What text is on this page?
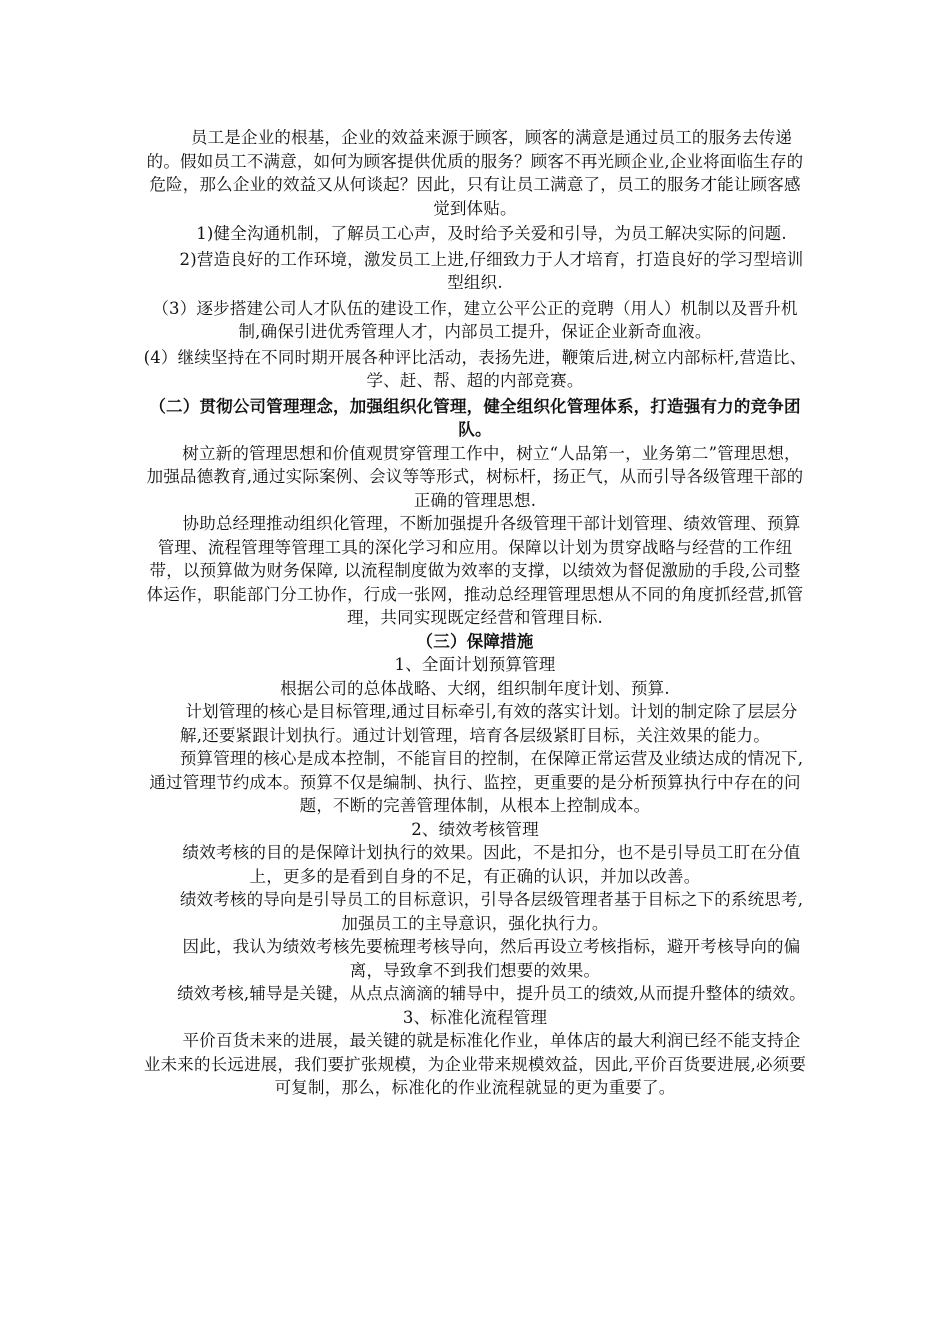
员工是企业的根基，企业的效益来源于顾客，顾客的满意是通过员工的服务去传递的。假如员工不满意，如何为顾客提供优质的服务？顾客不再光顾企业,企业将面临生存的危险，那么企业的效益又从何谈起？因此，只有让员工满意了，员工的服务才能让顾客感觉到体贴。

1)健全沟通机制，了解员工心声，及时给予关爱和引导，为员工解决实际的问题.

2)营造良好的工作环境，激发员工上进,仔细致力于人才培育，打造良好的学习型培训型组织.

（3）逐步搭建公司人才队伍的建设工作，建立公平公正的竞聘（用人）机制以及晋升机制,确保引进优秀管理人才，内部员工提升，保证企业新奇血液。

(4）继续坚持在不同时期开展各种评比活动，表扬先进，鞭策后进,树立内部标杆,营造比、学、赶、帮、超的内部竞赛。

（二）贯彻公司管理理念，加强组织化管理，健全组织化管理体系，打造强有力的竞争团队。

树立新的管理思想和价值观贯穿管理工作中，树立“人品第一，业务第二”管理思想，加强品德教育,通过实际案例、会议等等形式，树标杆，扬正气，从而引导各级管理干部的正确的管理思想.

协助总经理推动组织化管理，不断加强提升各级管理干部计划管理、绩效管理、预算管理、流程管理等管理工具的深化学习和应用。保障以计划为贯穿战略与经营的工作纽带，以预算做为财务保障, 以流程制度做为效率的支撑，以绩效为督促激励的手段,公司整体运作，职能部门分工协作，行成一张网，推动总经理管理思想从不同的角度抓经营,抓管理，共同实现既定经营和管理目标.

（三）保障措施

1、全面计划预算管理

根据公司的总体战略、大纲，组织制年度计划、预算.

计划管理的核心是目标管理,通过目标牵引,有效的落实计划。计划的制定除了层层分解,还要紧跟计划执行。通过计划管理，培育各层级紧盯目标，关注效果的能力。

预算管理的核心是成本控制，不能盲目的控制，在保障正常运营及业绩达成的情况下,通过管理节约成本。预算不仅是编制、执行、监控，更重要的是分析预算执行中存在的问题，不断的完善管理体制，从根本上控制成本。

2、绩效考核管理

绩效考核的目的是保障计划执行的效果。因此，不是扣分，也不是引导员工盯在分值上，更多的是看到自身的不足，有正确的认识，并加以改善。

绩效考核的导向是引导员工的目标意识，引导各层级管理者基于目标之下的系统思考,加强员工的主导意识，强化执行力。

因此，我认为绩效考核先要梳理考核导向，然后再设立考核指标，避开考核导向的偏离，导致拿不到我们想要的效果。

绩效考核,辅导是关键，从点点滴滴的辅导中，提升员工的绩效,从而提升整体的绩效。

3、标准化流程管理

平价百货未来的进展，最关键的就是标准化作业，单体店的最大利润已经不能支持企业未来的长远进展，我们要扩张规模，为企业带来规模效益，因此,平价百货要进展,必须要可复制，那么，标准化的作业流程就显的更为重要了。
